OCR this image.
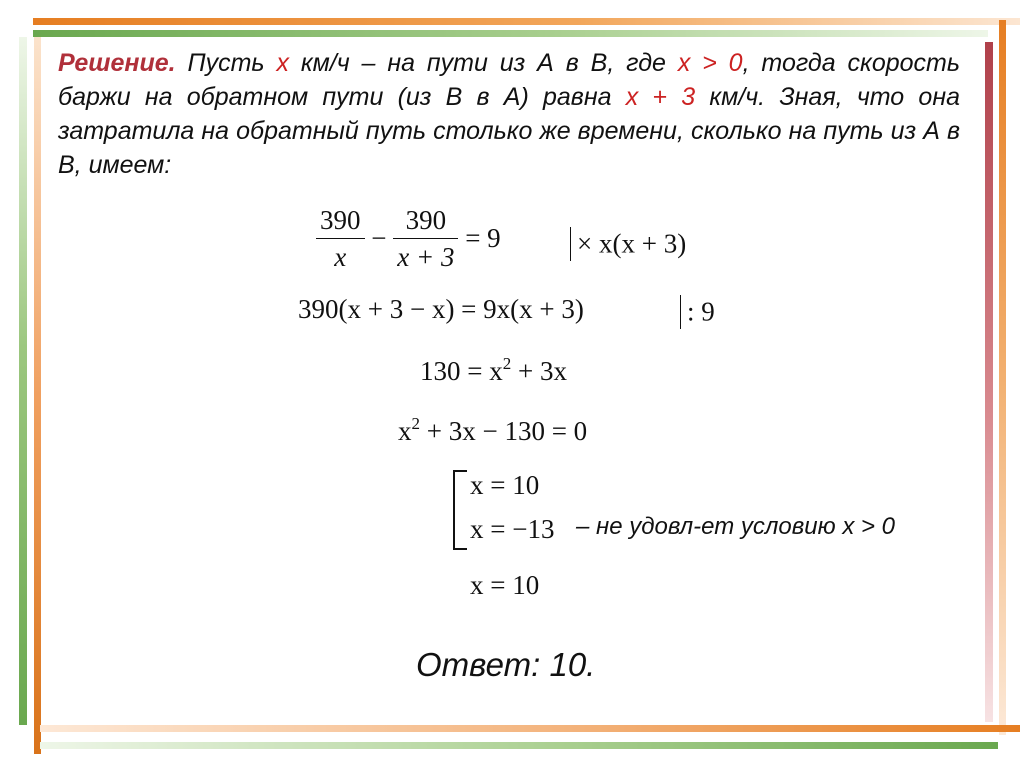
Решение. Пусть x км/ч – на пути из А в В, где x > 0, тогда скорость баржи на обратном пути (из В в А) равна x + 3 км/ч. Зная, что она затратила на обратный путь столько же времени, сколько на путь из А в В, имеем:
$\frac{390}{x} - \frac{390}{x + 3} = 9$	× x(x + 3)
390(x + 3 − x) = 9x(x + 3)	: 9
$130 = x^2 + 3x$
$x^2 + 3x - 130 = 0$
x = 10
x = −13 – не удовл-ет условию x > 0
x = 10
Ответ: 10.
